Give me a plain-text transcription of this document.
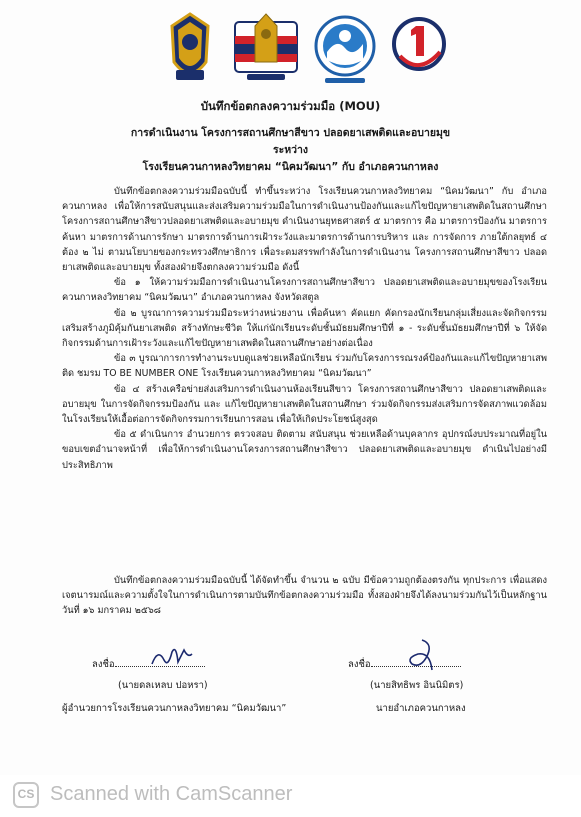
บันทึกข้อตกลงความร่วมมือ (MOU)
การดำเนินงาน โครงการสถานศึกษาสีขาว ปลอดยาเสพติดและอบายมุข
ระหว่าง
โรงเรียนควนกาหลงวิทยาคม “นิคมวัฒนา” กับ อำเภอควนกาหลง

บันทึกข้อตกลงความร่วมมือฉบับนี้ ทำขึ้นระหว่าง โรงเรียนควนกาหลงวิทยาคม “นิคมวัฒนา” กับ อำเภอควนกาหลง เพื่อให้การสนับสนุนและส่งเสริมความร่วมมือในการดำเนินงานป้องกันและแก้ไขปัญหายาเสพติดในสถานศึกษา โครงการสถานศึกษาสีขาวปลอดยาเสพติดและอบายมุข ดำเนินงานยุทธศาสตร์ ๕ มาตรการ คือ มาตรการป้องกัน มาตรการค้นหา มาตรการด้านการรักษา มาตรการด้านการเฝ้าระวังและมาตรการด้านการบริหาร และ การจัดการ ภายใต้กลยุทธ์ ๔ ต้อง ๒ ไม่ ตามนโยบายของกระทรวงศึกษาธิการ เพื่อระดมสรรพกำลังในการดำเนินงาน โครงการสถานศึกษาสีขาว ปลอดยาเสพติดและอบายมุข ทั้งสองฝ่ายจึงตกลงความร่วมมือ ดังนี้

ข้อ ๑ ให้ความร่วมมือการดำเนินงานโครงการสถานศึกษาสีขาว ปลอดยาเสพติดและอบายมุขของโรงเรียนควนกาหลงวิทยาคม “นิคมวัฒนา” อำเภอควนกาหลง จังหวัดสตูล

ข้อ ๒ บูรณาการความร่วมมือระหว่างหน่วยงาน เพื่อค้นหา คัดแยก คัดกรองนักเรียนกลุ่มเสี่ยงและจัดกิจกรรมเสริมสร้างภูมิคุ้มกันยาเสพติด สร้างทักษะชีวิต ให้แก่นักเรียนระดับชั้นมัธยมศึกษาปีที่ ๑ - ระดับชั้นมัธยมศึกษาปีที่ ๖ ให้จัดกิจกรรมด้านการเฝ้าระวังและแก้ไขปัญหายาเสพติดในสถานศึกษาอย่างต่อเนื่อง

ข้อ ๓ บูรณาการการทำงานระบบดูแลช่วยเหลือนักเรียน ร่วมกับโครงการรณรงค์ป้องกันและแก้ไขปัญหายาเสพติด ชมรม TO BE NUMBER ONE โรงเรียนควนกาหลงวิทยาคม “นิคมวัฒนา”

ข้อ ๔ สร้างเครือข่ายส่งเสริมการดำเนินงานห้องเรียนสีขาว โครงการสถานศึกษาสีขาว ปลอดยาเสพติดและอบายมุข ในการจัดกิจกรรมป้องกัน และ แก้ไขปัญหายาเสพติดในสถานศึกษา ร่วมจัดกิจกรรมส่งเสริมการจัดสภาพแวดล้อมในโรงเรียนให้เอื้อต่อการจัดกิจกรรมการเรียนการสอน เพื่อให้เกิดประโยชน์สูงสุด

ข้อ ๕ ดำเนินการ อำนวยการ ตรวจสอบ ติดตาม สนับสนุน ช่วยเหลือด้านบุคลากร อุปกรณ์งบประมาณที่อยู่ในขอบเขตอำนาจหน้าที่ เพื่อให้การดำเนินงานโครงการสถานศึกษาสีขาว ปลอดยาเสพติดและอบายมุข ดำเนินไปอย่างมีประสิทธิภาพ

บันทึกข้อตกลงความร่วมมือฉบับนี้ ได้จัดทำขึ้น จำนวน ๒ ฉบับ มีข้อความถูกต้องตรงกัน ทุกประการ เพื่อแสดงเจตนารมณ์และความตั้งใจในการดำเนินการตามบันทึกข้อตกลงความร่วมมือ ทั้งสองฝ่ายจึงได้ลงนามร่วมกันไว้เป็นหลักฐาน วันที่ ๑๖ มกราคม ๒๕๖๘

ลงชื่อ
(นายดลเหลบ ปอหรา)
ผู้อำนวยการโรงเรียนควนกาหลงวิทยาคม “นิคมวัฒนา”
ลงชื่อ
(นายสิทธิพร อินนิมิตร)
นายอำเภอควนกาหลง
CS Scanned with CamScanner
